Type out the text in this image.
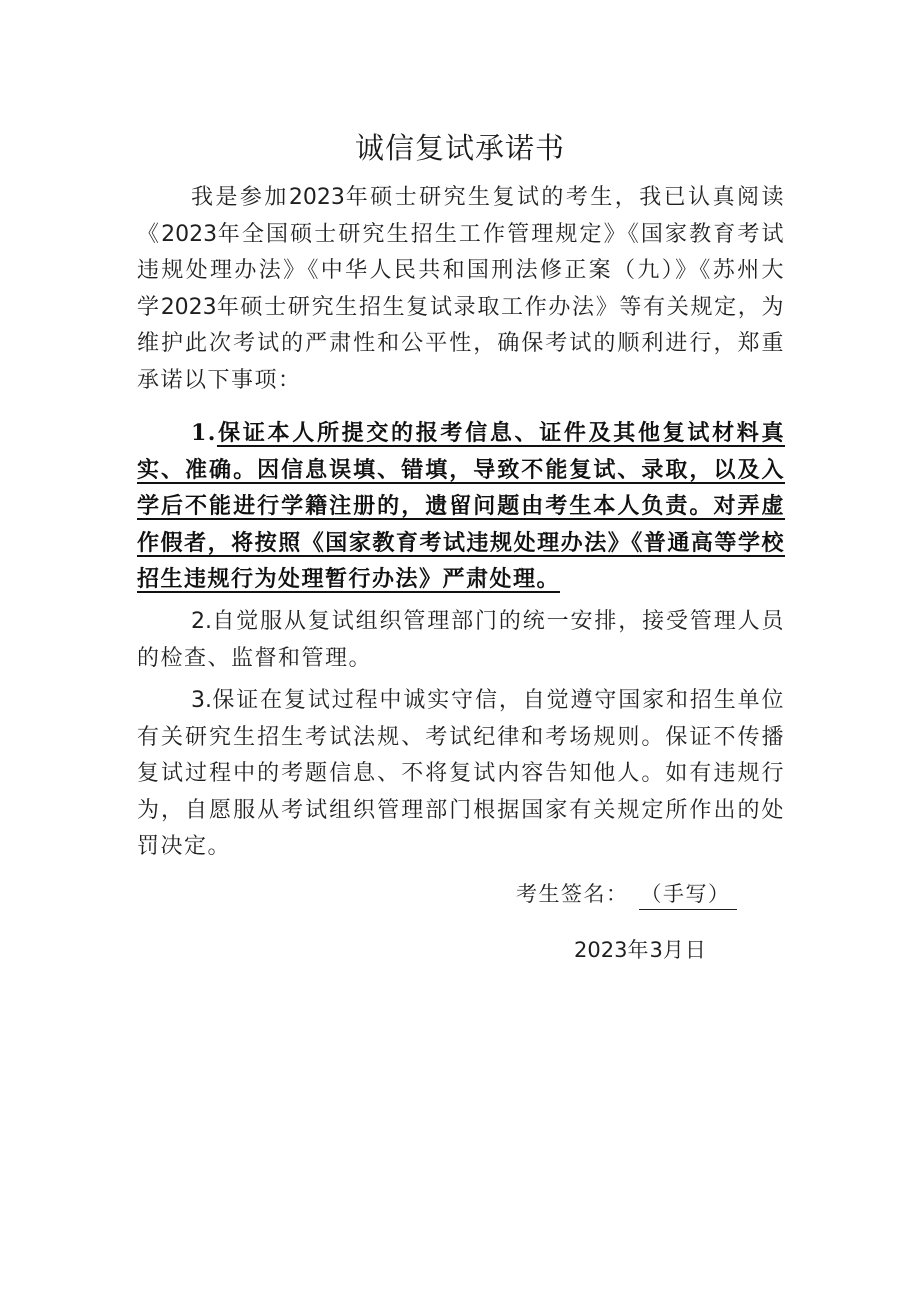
诚信复试承诺书
我是参加2023年硕士研究生复试的考生，我已认真阅读《2023年全国硕士研究生招生工作管理规定》《国家教育考试违规处理办法》《中华人民共和国刑法修正案（九）》《苏州大学2023年硕士研究生招生复试录取工作办法》等有关规定，为维护此次考试的严肃性和公平性，确保考试的顺利进行，郑重承诺以下事项：
1.保证本人所提交的报考信息、证件及其他复试材料真实、准确。因信息误填、错填，导致不能复试、录取，以及入学后不能进行学籍注册的，遗留问题由考生本人负责。对弄虚作假者，将按照《国家教育考试违规处理办法》《普通高等学校招生违规行为处理暂行办法》严肃处理。
2.自觉服从复试组织管理部门的统一安排，接受管理人员的检查、监督和管理。
3.保证在复试过程中诚实守信，自觉遵守国家和招生单位有关研究生招生考试法规、考试纪律和考场规则。保证不传播复试过程中的考题信息、不将复试内容告知他人。如有违规行为，自愿服从考试组织管理部门根据国家有关规定所作出的处罚决定。
考生签名： （手写）
2023年3月日
